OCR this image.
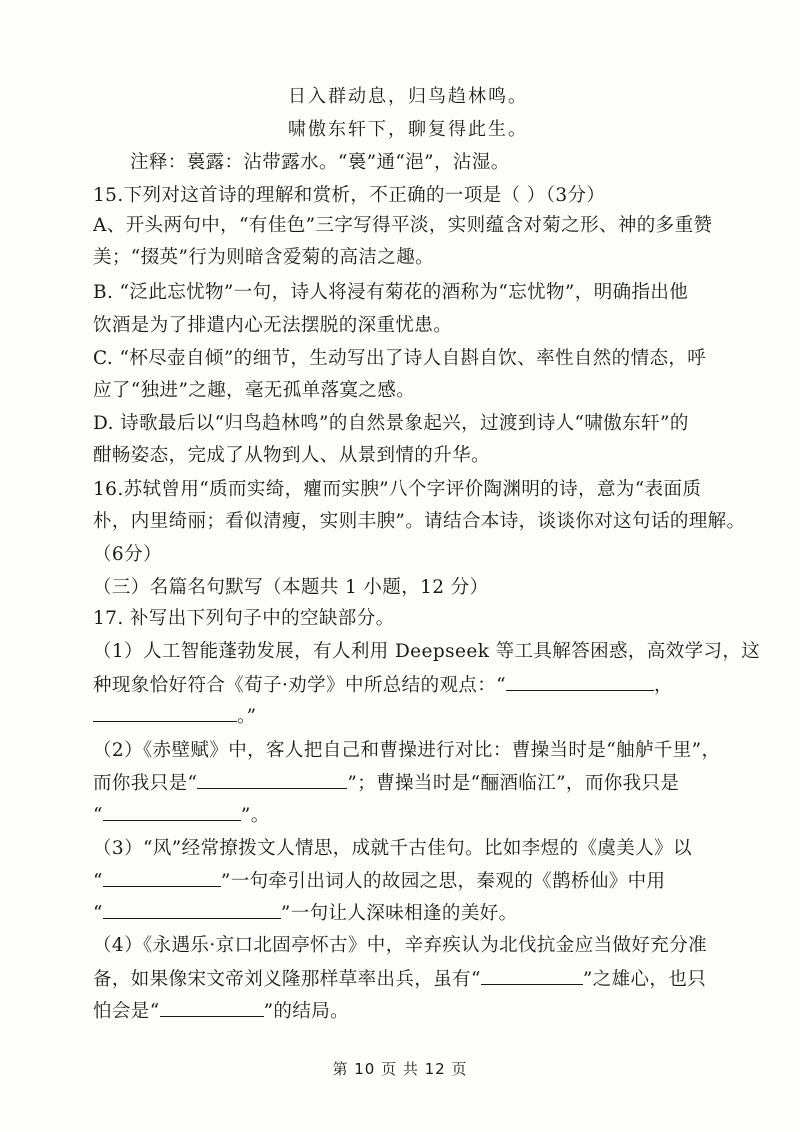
日入群动息，归鸟趋林鸣。
啸傲东轩下，聊复得此生。
注释：裛露：沾带露水。“裛”通“浥”，沾湿。
15.下列对这首诗的理解和赏析，不正确的一项是（ ）（3分）
A、开头两句中，“有佳色”三字写得平淡，实则蕴含对菊之形、神的多重赞
美；“掇英”行为则暗含爱菊的高洁之趣。
B. “泛此忘忧物”一句，诗人将浸有菊花的酒称为“忘忧物”，明确指出他
饮酒是为了排遣内心无法摆脱的深重忧患。
C. “杯尽壶自倾”的细节，生动写出了诗人自斟自饮、率性自然的情态，呼
应了“独进”之趣，毫无孤单落寞之感。
D. 诗歌最后以“归鸟趋林鸣”的自然景象起兴，过渡到诗人“啸傲东轩”的
酣畅姿态，完成了从物到人、从景到情的升华。
16.苏轼曾用“质而实绮，癯而实腴”八个字评价陶渊明的诗，意为“表面质
朴，内里绮丽；看似清瘦，实则丰腴”。请结合本诗，谈谈你对这句话的理解。
（6分）
（三）名篇名句默写（本题共 1 小题，12 分）
17. 补写出下列句子中的空缺部分。
（1）人工智能蓬勃发展，有人利用 Deepseek 等工具解答困惑，高效学习，这
种现象恰好符合《荀子·劝学》中所总结的观点：“	，
。”
（2）《赤壁赋》中，客人把自己和曹操进行对比：曹操当时是“舳舻千里”，
而你我只是“	”；曹操当时是“酾酒临江”，而你我只是
“	”。
（3）“风”经常撩拨文人情思，成就千古佳句。比如李煜的《虞美人》以
“	”一句牵引出词人的故园之思，秦观的《鹊桥仙》中用
“	”一句让人深味相逢的美好。
（4）《永遇乐·京口北固亭怀古》中，辛弃疾认为北伐抗金应当做好充分准
备，如果像宋文帝刘义隆那样草率出兵，虽有“	”之雄心，也只
怕会是“	”的结局。
第 10 页 共 12 页
